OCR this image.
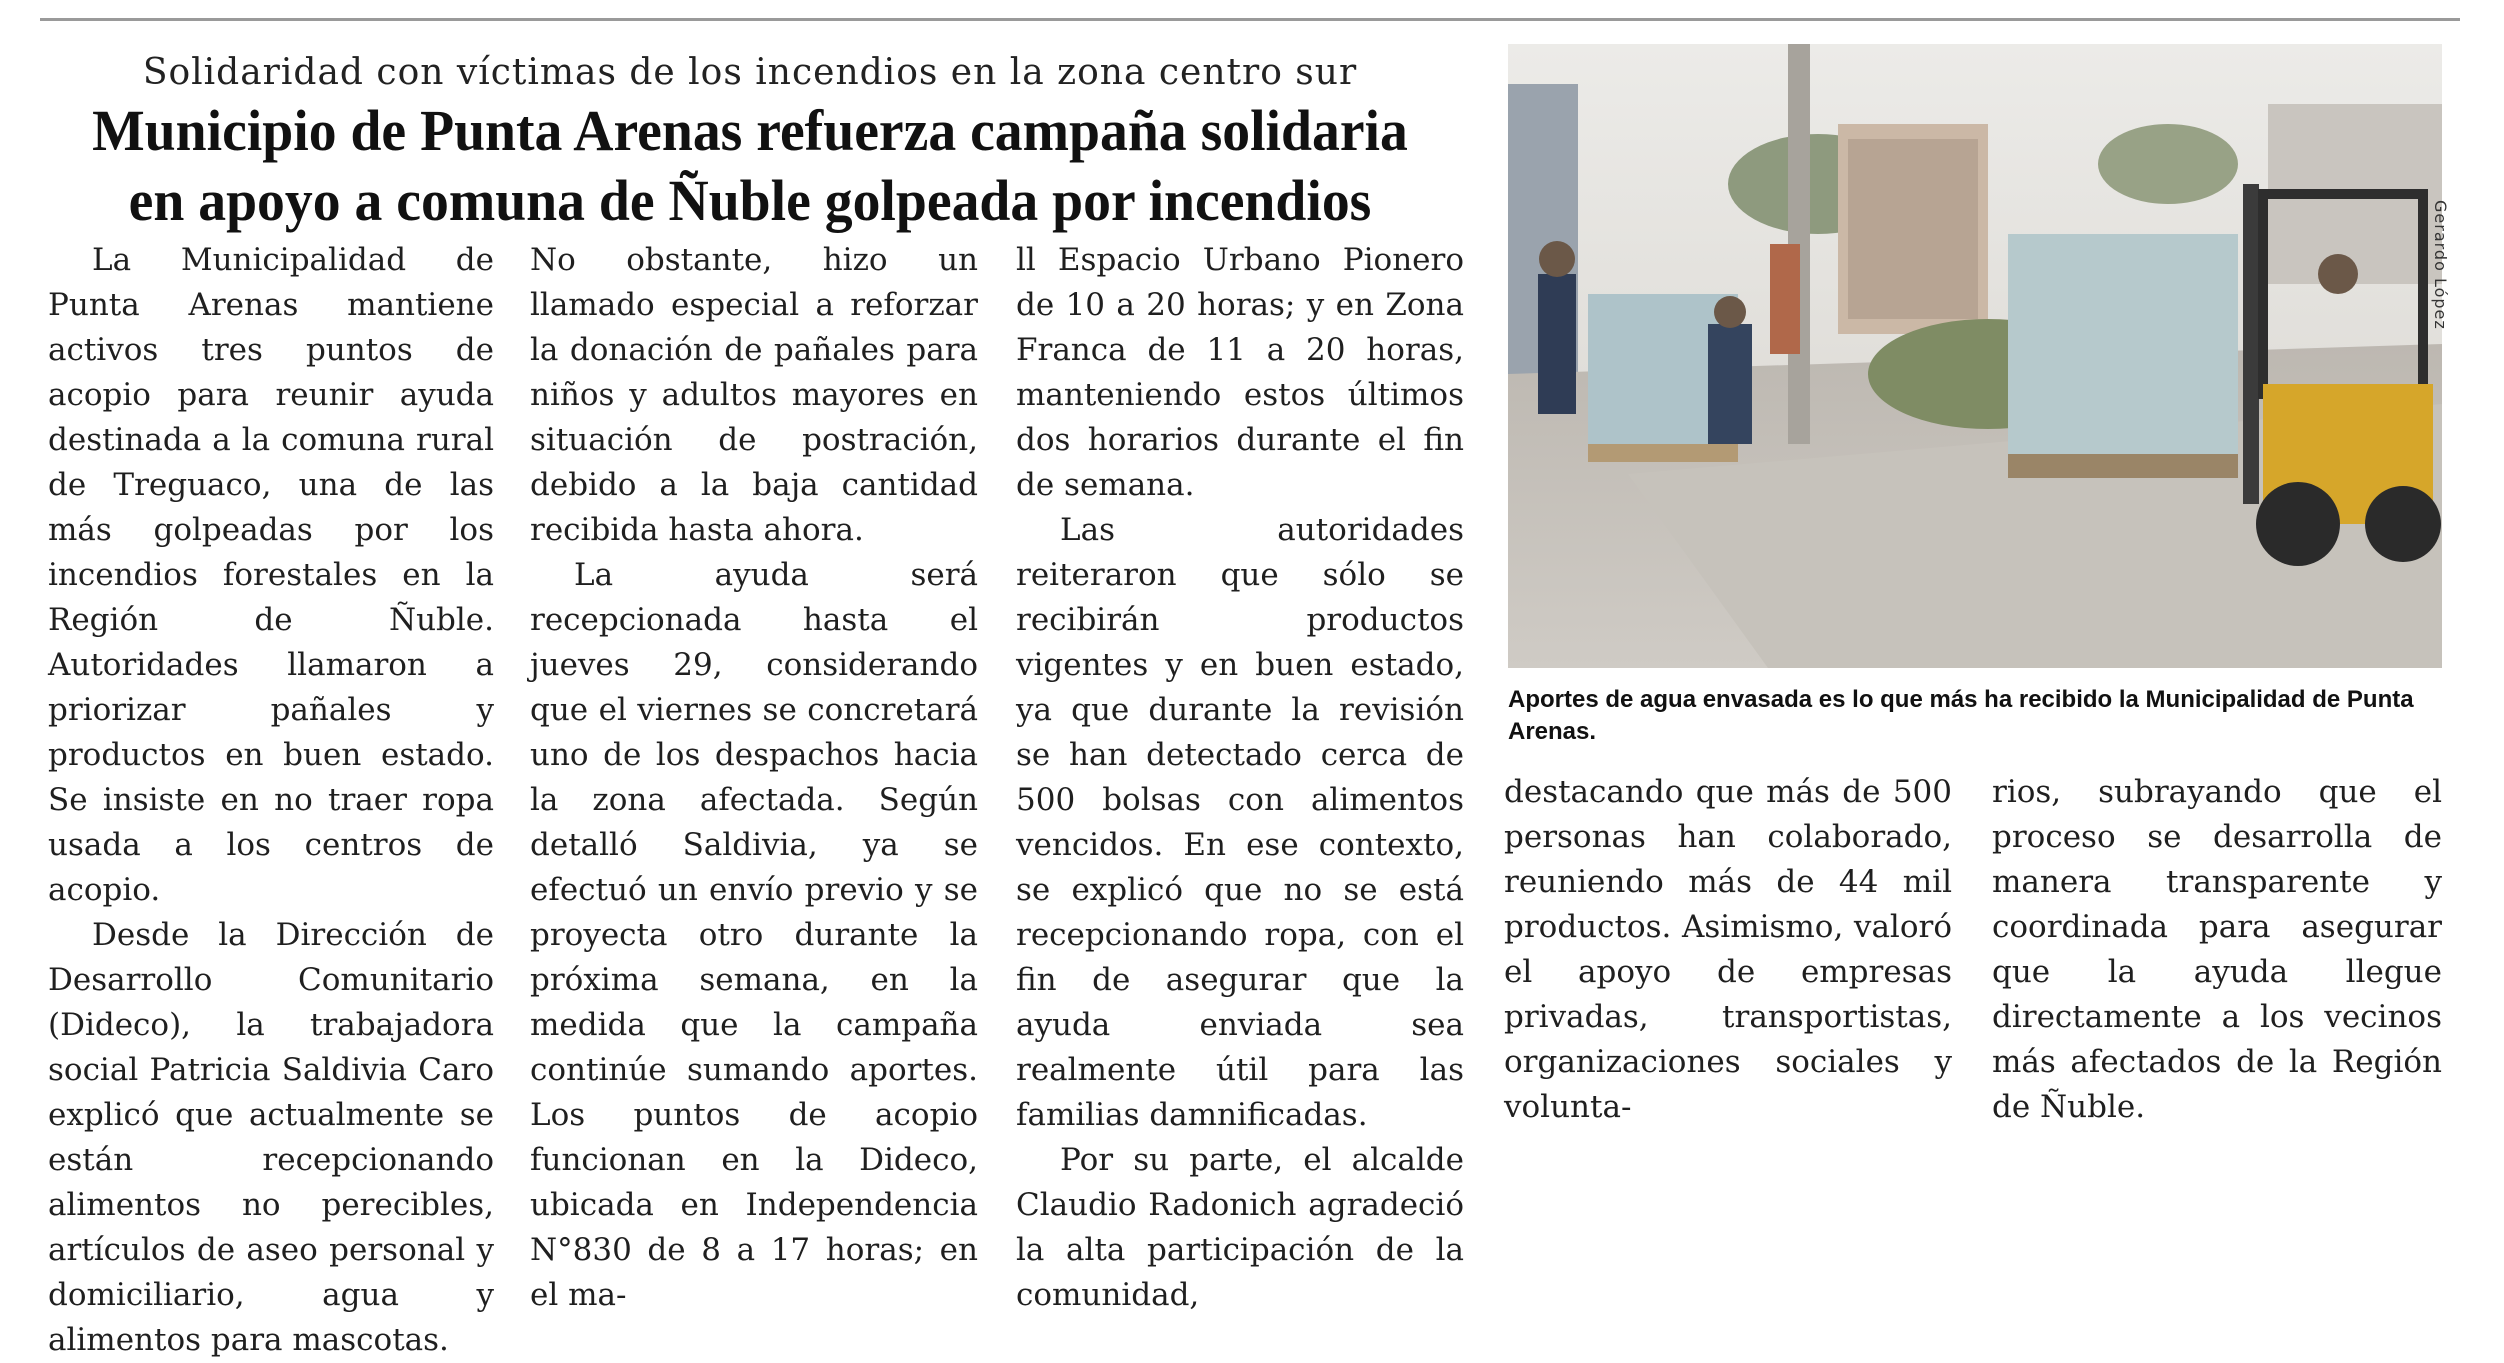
Solidaridad con víctimas de los incendios en la zona centro sur
Municipio de Punta Arenas refuerza campaña solidaria
en apoyo a comuna de Ñuble golpeada por incendios

La Municipalidad de Punta Arenas mantiene activos tres puntos de acopio para reunir ayuda destinada a la comuna rural de Treguaco, una de las más golpeadas por los incendios forestales en la Región de Ñuble. Autoridades llamaron a priorizar pañales y productos en buen estado. Se insiste en no traer ropa usada a los centros de acopio.

Desde la Dirección de Desarrollo Comunitario (Dideco), la trabajadora social Patricia Saldivia Caro explicó que actualmente se están recepcionando alimentos no perecibles, artículos de aseo personal y domiciliario, agua y alimentos para mascotas.

No obstante, hizo un llamado especial a reforzar la donación de pañales para niños y adultos mayores en situación de postración, debido a la baja cantidad recibida hasta ahora.

La ayuda será recepcionada hasta el jueves 29, considerando que el viernes se concretará uno de los despachos hacia la zona afectada. Según detalló Saldivia, ya se efectuó un envío previo y se proyecta otro durante la próxima semana, en la medida que la campaña continúe sumando aportes. Los puntos de acopio funcionan en la Dideco, ubicada en Independencia N°830 de 8 a 17 horas; en el ma-

ll Espacio Urbano Pionero de 10 a 20 horas; y en Zona Franca de 11 a 20 horas, manteniendo estos últimos dos horarios durante el fin de semana.

Las autoridades reiteraron que sólo se recibirán productos vigentes y en buen estado, ya que durante la revisión se han detectado cerca de 500 bolsas con alimentos vencidos. En ese contexto, se explicó que no se está recepcionando ropa, con el fin de asegurar que la ayuda enviada sea realmente útil para las familias damnificadas.

Por su parte, el alcalde Claudio Radonich agradeció la alta participación de la comunidad,

Gerardo López
Aportes de agua envasada es lo que más ha recibido la Municipalidad de Punta Arenas.

destacando que más de 500 personas han colaborado, reuniendo más de 44 mil productos. Asimismo, valoró el apoyo de empresas privadas, transportistas, organizaciones sociales y volunta-

rios, subrayando que el proceso se desarrolla de manera transparente y coordinada para asegurar que la ayuda llegue directamente a los vecinos más afectados de la Región de Ñuble.
